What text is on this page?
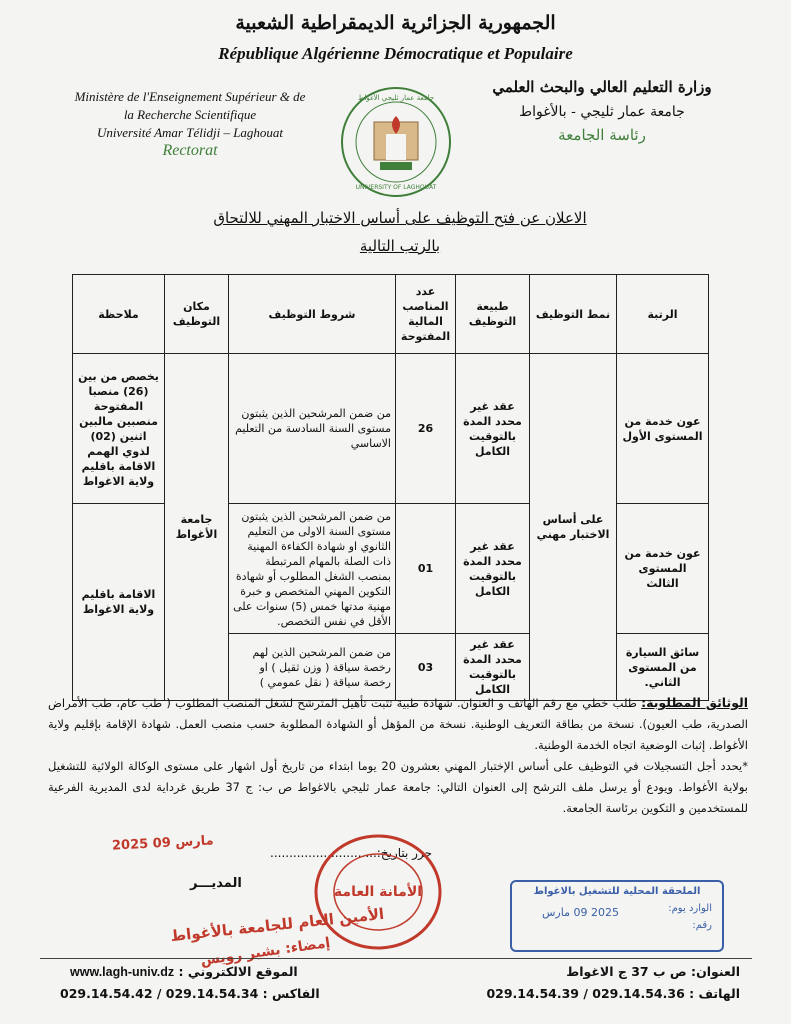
الجمهورية الجزائرية الديمقراطية الشعبية
République Algérienne Démocratique et Populaire
Ministère de l'Enseignement Supérieur & de
la Recherche Scientifique
Université Amar Télidji – Laghouat
Rectorat
جامعة عمار ثليجي الأغواط
UNIVERSITY OF LAGHOUAT
وزارة التعليم العالي والبحث العلمي
جامعة عمار ثليجي - بالأغواط
رئاسة الجامعة
الاعلان عن فتح التوظيف على أساس الاختبار المهني للالتحاق
بالرتب التالية
الرتبة	نمط التوظيف	طبيعة التوظيف	عدد المناصب المالية المفتوحة	شروط التوظيف	مكان التوظيف	ملاحظة
عون خدمة من المستوى الأول	على أساس الاختبار مهني	عقد غير محدد المدة بالتوقيت الكامل	26	من ضمن المرشحين الذين يثبتون مستوى السنة السادسة من التعليم الاساسي	جامعة الأغواط	يخصص من بين (26) منصبا المفتوحة منصبين مالبين اثنين (02) لذوي الهمم الاقامة باقليم ولاية الاغواط
عون خدمة من المستوى الثالث		عقد غير محدد المدة بالتوقيت الكامل	01	من ضمن المرشحين الذين يثبتون مستوى السنة الاولى من التعليم الثانوي او شهادة الكفاءة المهنية ذات الصلة بالمهام المرتبطة بمنصب الشغل المطلوب أو شهادة التكوين المهني المتخصص و خبرة مهنية مدتها خمس (5) سنوات على الأقل في نفس التخصص.		الاقامة باقليم ولاية الاغواط
سائق السيارة من المستوى الثاني.		عقد غير محدد المدة بالتوقيت الكامل	03	من ضمن المرشحين الذين لهم رخصة سياقة ( وزن ثقيل ) او رخصة سياقة ( نقل عمومي )		
الوثائق المطلوبة: طلب خطي مع رقم الهاتف و العنوان. شهادة طبية تثبت تأهيل المترشح لشغل المنصب المطلوب ( طب عام، طب الأمراض الصدرية، طب العيون). نسخة من بطاقة التعريف الوطنية. نسخة من المؤهل أو الشهادة المطلوبة حسب منصب العمل. شهادة الإقامة بإقليم ولاية الأغواط. إثبات الوضعية اتجاه الخدمة الوطنية.
*يحدد أجل التسجيلات في التوظيف على أساس الإختبار المهني بعشرون 20 يوما ابتداء من تاريخ أول اشهار على مستوى الوكالة الولائية للتشغيل بولاية الأغواط. ويودع أو يرسل ملف الترشح إلى العنوان التالي: جامعة عمار ثليجي بالاغواط ص ب: ج 37 طريق غرداية لدى المديرية الفرعية للمستخدمين و التكوين برئاسة الجامعة.
حرر بتاريخ:............................
2025 مارس 09
المديـــر
الأمانة العامة
الأمين العام للجامعة بالأغواط
إمضاء: بشير رويس
الملحقة المحلية للتشغيل بالاغواط
الوارد يوم:
2025 09 مارس
رقم:
www.lagh-univ.dz : الموقع الالكتروني
029.14.54.42 / 029.14.54.34 : الفاكس
العنوان: ص ب 37 ج الاغواط
029.14.54.39 / 029.14.54.36 : الهاتف
